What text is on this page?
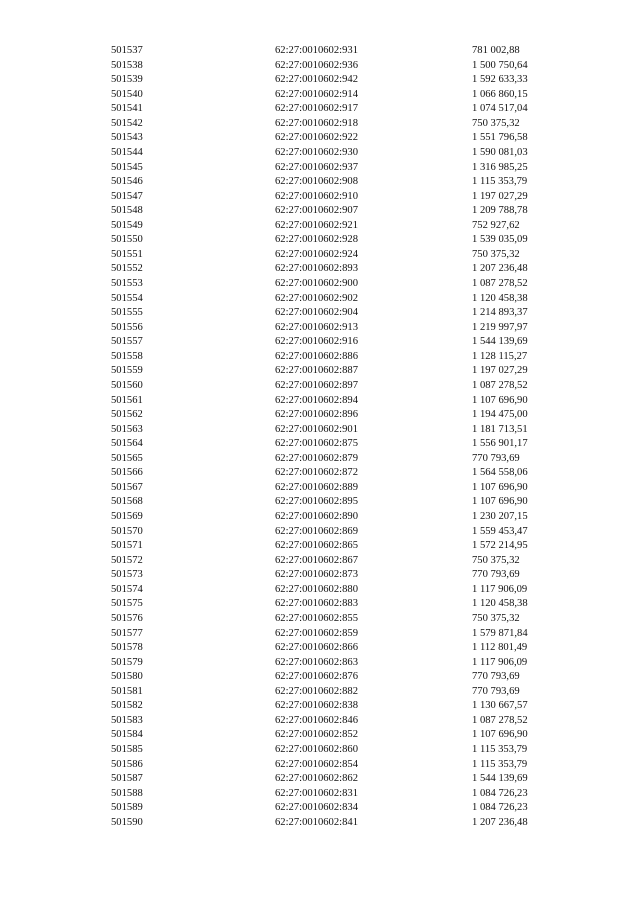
501537	62:27:0010602:931	781 002,88
501538	62:27:0010602:936	1 500 750,64
501539	62:27:0010602:942	1 592 633,33
501540	62:27:0010602:914	1 066 860,15
501541	62:27:0010602:917	1 074 517,04
501542	62:27:0010602:918	750 375,32
501543	62:27:0010602:922	1 551 796,58
501544	62:27:0010602:930	1 590 081,03
501545	62:27:0010602:937	1 316 985,25
501546	62:27:0010602:908	1 115 353,79
501547	62:27:0010602:910	1 197 027,29
501548	62:27:0010602:907	1 209 788,78
501549	62:27:0010602:921	752 927,62
501550	62:27:0010602:928	1 539 035,09
501551	62:27:0010602:924	750 375,32
501552	62:27:0010602:893	1 207 236,48
501553	62:27:0010602:900	1 087 278,52
501554	62:27:0010602:902	1 120 458,38
501555	62:27:0010602:904	1 214 893,37
501556	62:27:0010602:913	1 219 997,97
501557	62:27:0010602:916	1 544 139,69
501558	62:27:0010602:886	1 128 115,27
501559	62:27:0010602:887	1 197 027,29
501560	62:27:0010602:897	1 087 278,52
501561	62:27:0010602:894	1 107 696,90
501562	62:27:0010602:896	1 194 475,00
501563	62:27:0010602:901	1 181 713,51
501564	62:27:0010602:875	1 556 901,17
501565	62:27:0010602:879	770 793,69
501566	62:27:0010602:872	1 564 558,06
501567	62:27:0010602:889	1 107 696,90
501568	62:27:0010602:895	1 107 696,90
501569	62:27:0010602:890	1 230 207,15
501570	62:27:0010602:869	1 559 453,47
501571	62:27:0010602:865	1 572 214,95
501572	62:27:0010602:867	750 375,32
501573	62:27:0010602:873	770 793,69
501574	62:27:0010602:880	1 117 906,09
501575	62:27:0010602:883	1 120 458,38
501576	62:27:0010602:855	750 375,32
501577	62:27:0010602:859	1 579 871,84
501578	62:27:0010602:866	1 112 801,49
501579	62:27:0010602:863	1 117 906,09
501580	62:27:0010602:876	770 793,69
501581	62:27:0010602:882	770 793,69
501582	62:27:0010602:838	1 130 667,57
501583	62:27:0010602:846	1 087 278,52
501584	62:27:0010602:852	1 107 696,90
501585	62:27:0010602:860	1 115 353,79
501586	62:27:0010602:854	1 115 353,79
501587	62:27:0010602:862	1 544 139,69
501588	62:27:0010602:831	1 084 726,23
501589	62:27:0010602:834	1 084 726,23
501590	62:27:0010602:841	1 207 236,48
